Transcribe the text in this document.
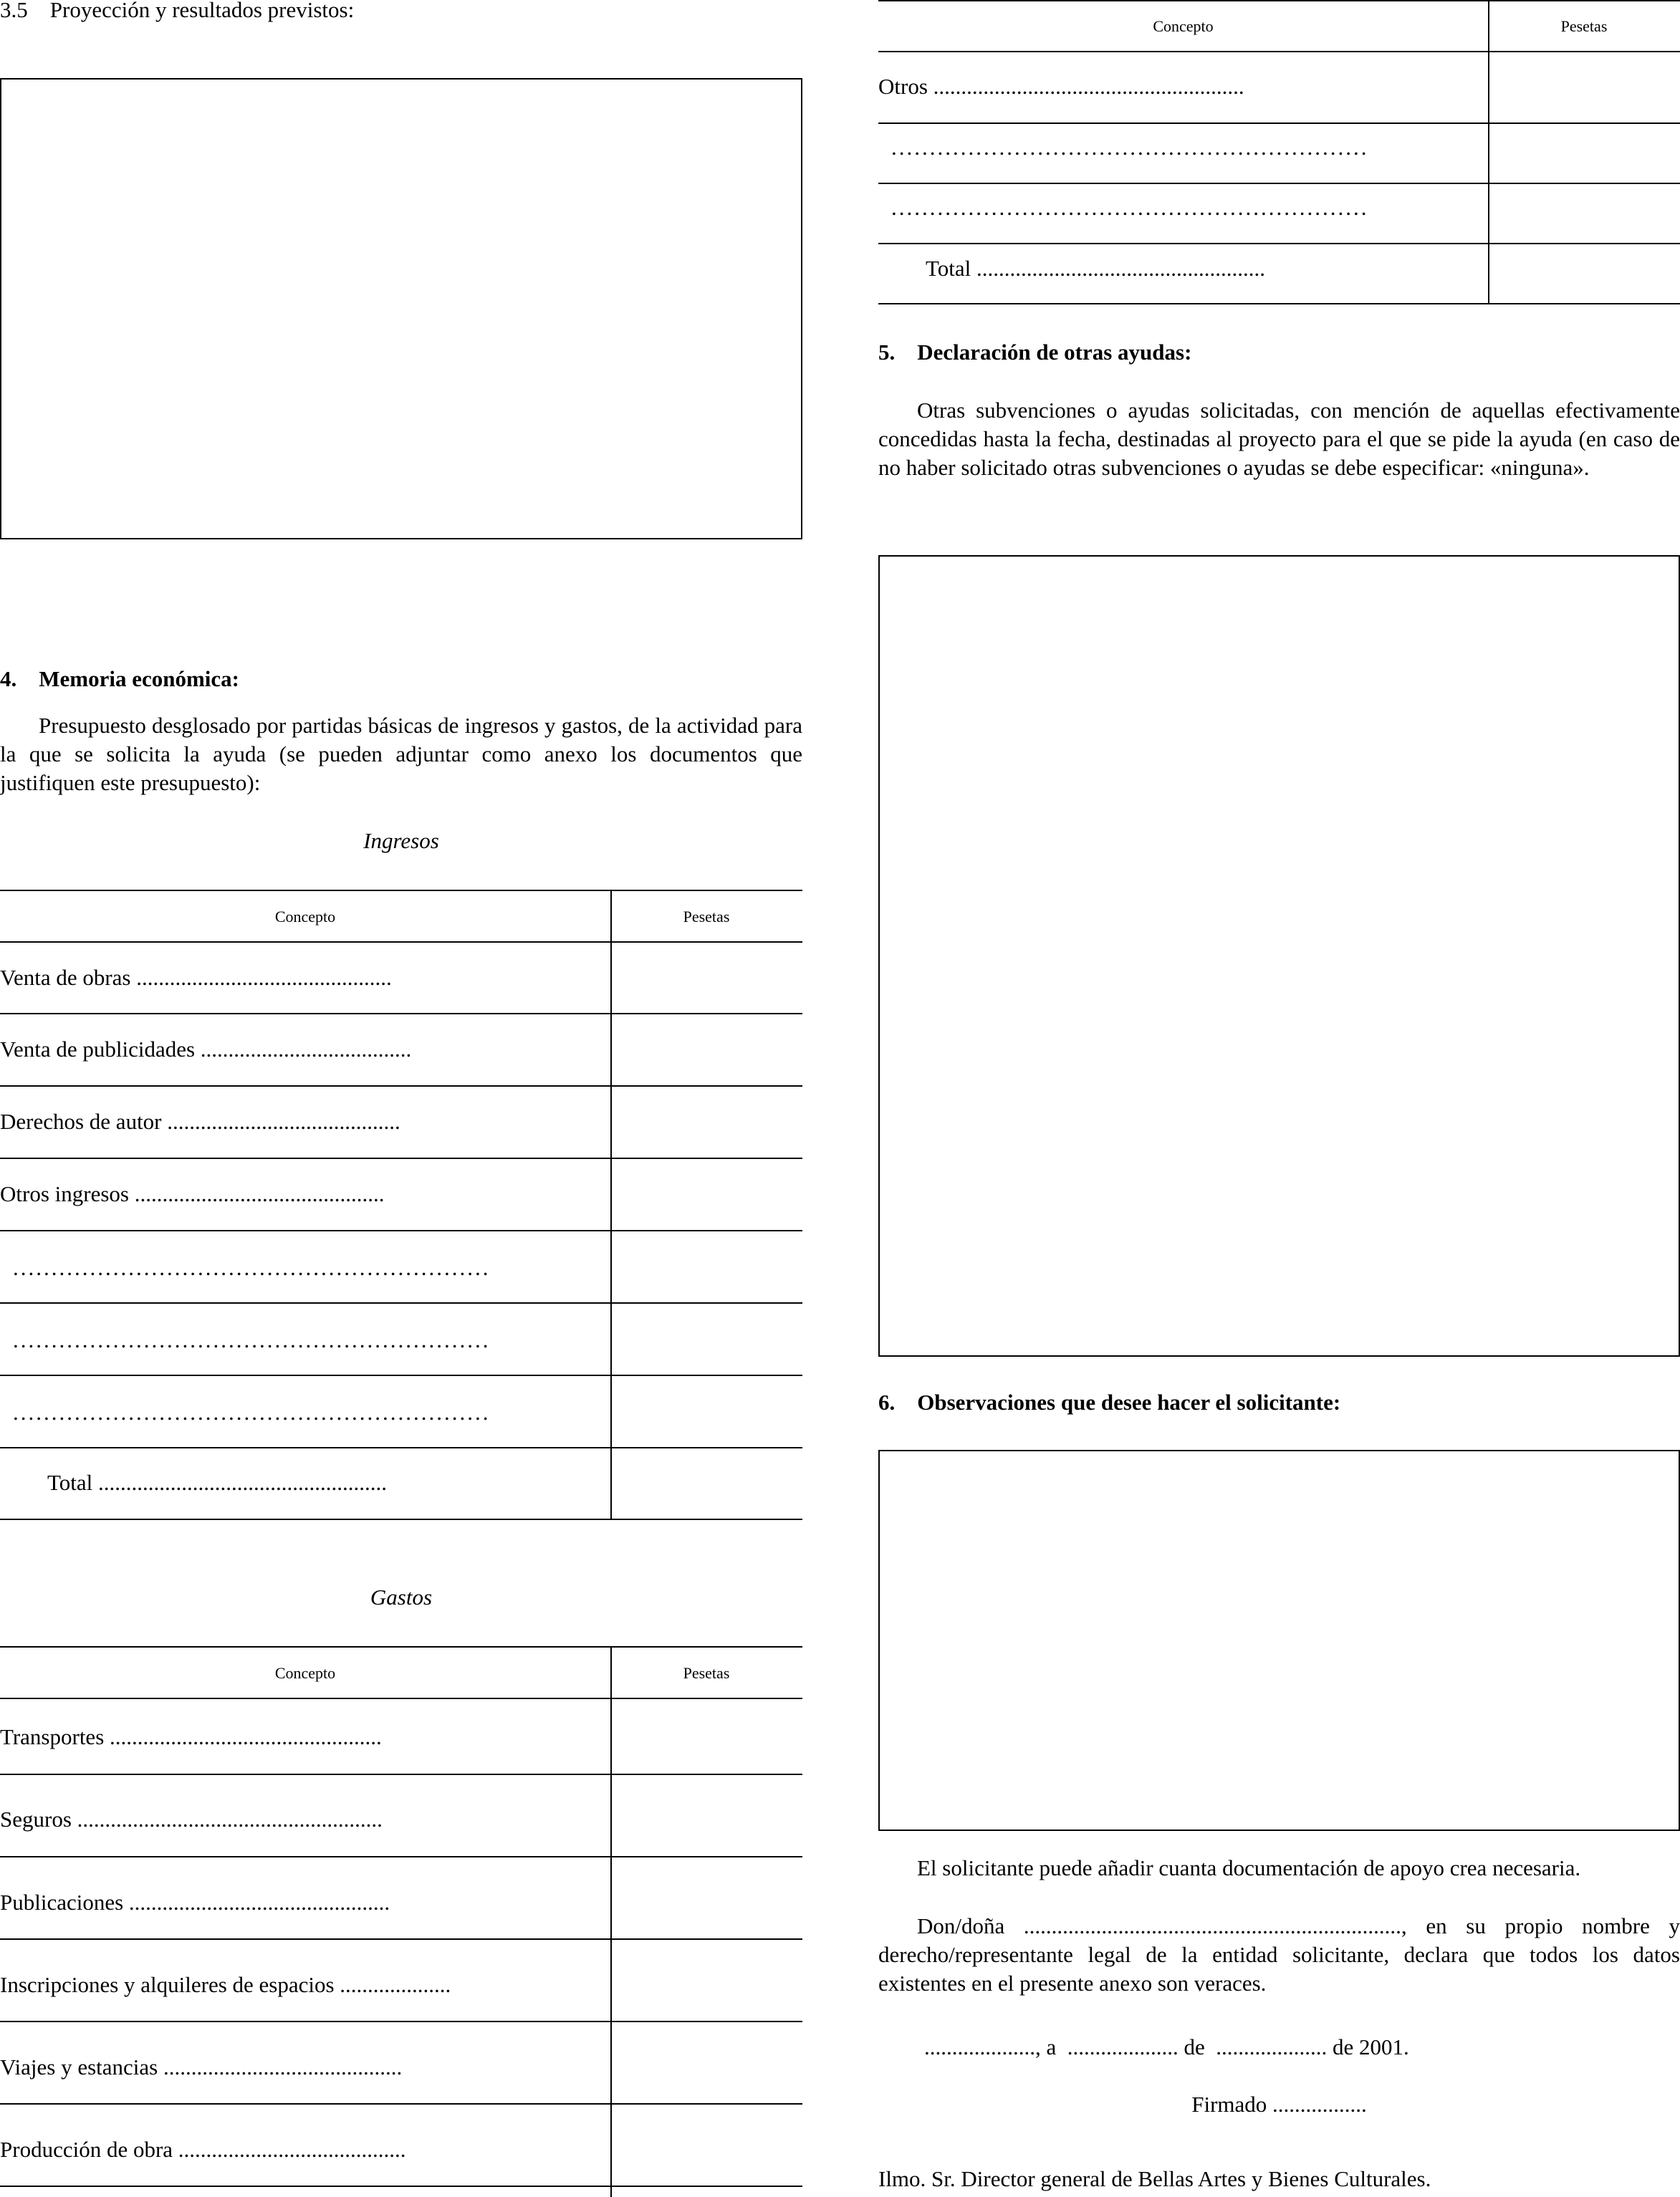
3.5 Proyección y resultados previstos:
4.    Memoria económica:
Presupuesto desglosado por partidas básicas de ingresos y gastos, de la actividad para la que se solicita la ayuda (se pueden adjuntar como anexo los documentos que justifiquen este presupuesto):
Ingresos
Concepto	Pesetas
Venta de obras ..............................................
Venta de publicidades ......................................
Derechos de autor ..........................................
Otros ingresos .............................................
..............................................................
..............................................................
..............................................................
Total ....................................................
Gastos
Concepto	Pesetas
Transportes .................................................
Seguros .......................................................
Publicaciones ...............................................
Inscripciones y alquileres de espacios ....................
Viajes y estancias ...........................................
Producción de obra .........................................
Concepto	Pesetas
Otros ........................................................
..............................................................
..............................................................
Total ....................................................
5.    Declaración de otras ayudas:
Otras subvenciones o ayudas solicitadas, con mención de aquellas efectivamente concedidas hasta la fecha, destinadas al proyecto para el que se pide la ayuda (en caso de no haber solicitado otras subvenciones o ayudas se debe especificar: «ninguna».
6.    Observaciones que desee hacer el solicitante:
El solicitante puede añadir cuanta documentación de apoyo crea necesaria.
Don/doña ...................................................................., en su propio nombre y derecho/representante legal de la entidad solicitante, declara que todos los datos existentes en el presente anexo son veraces.
...................., a  .................... de  .................... de 2001.
Firmado .................
Ilmo. Sr. Director general de Bellas Artes y Bienes Culturales.
